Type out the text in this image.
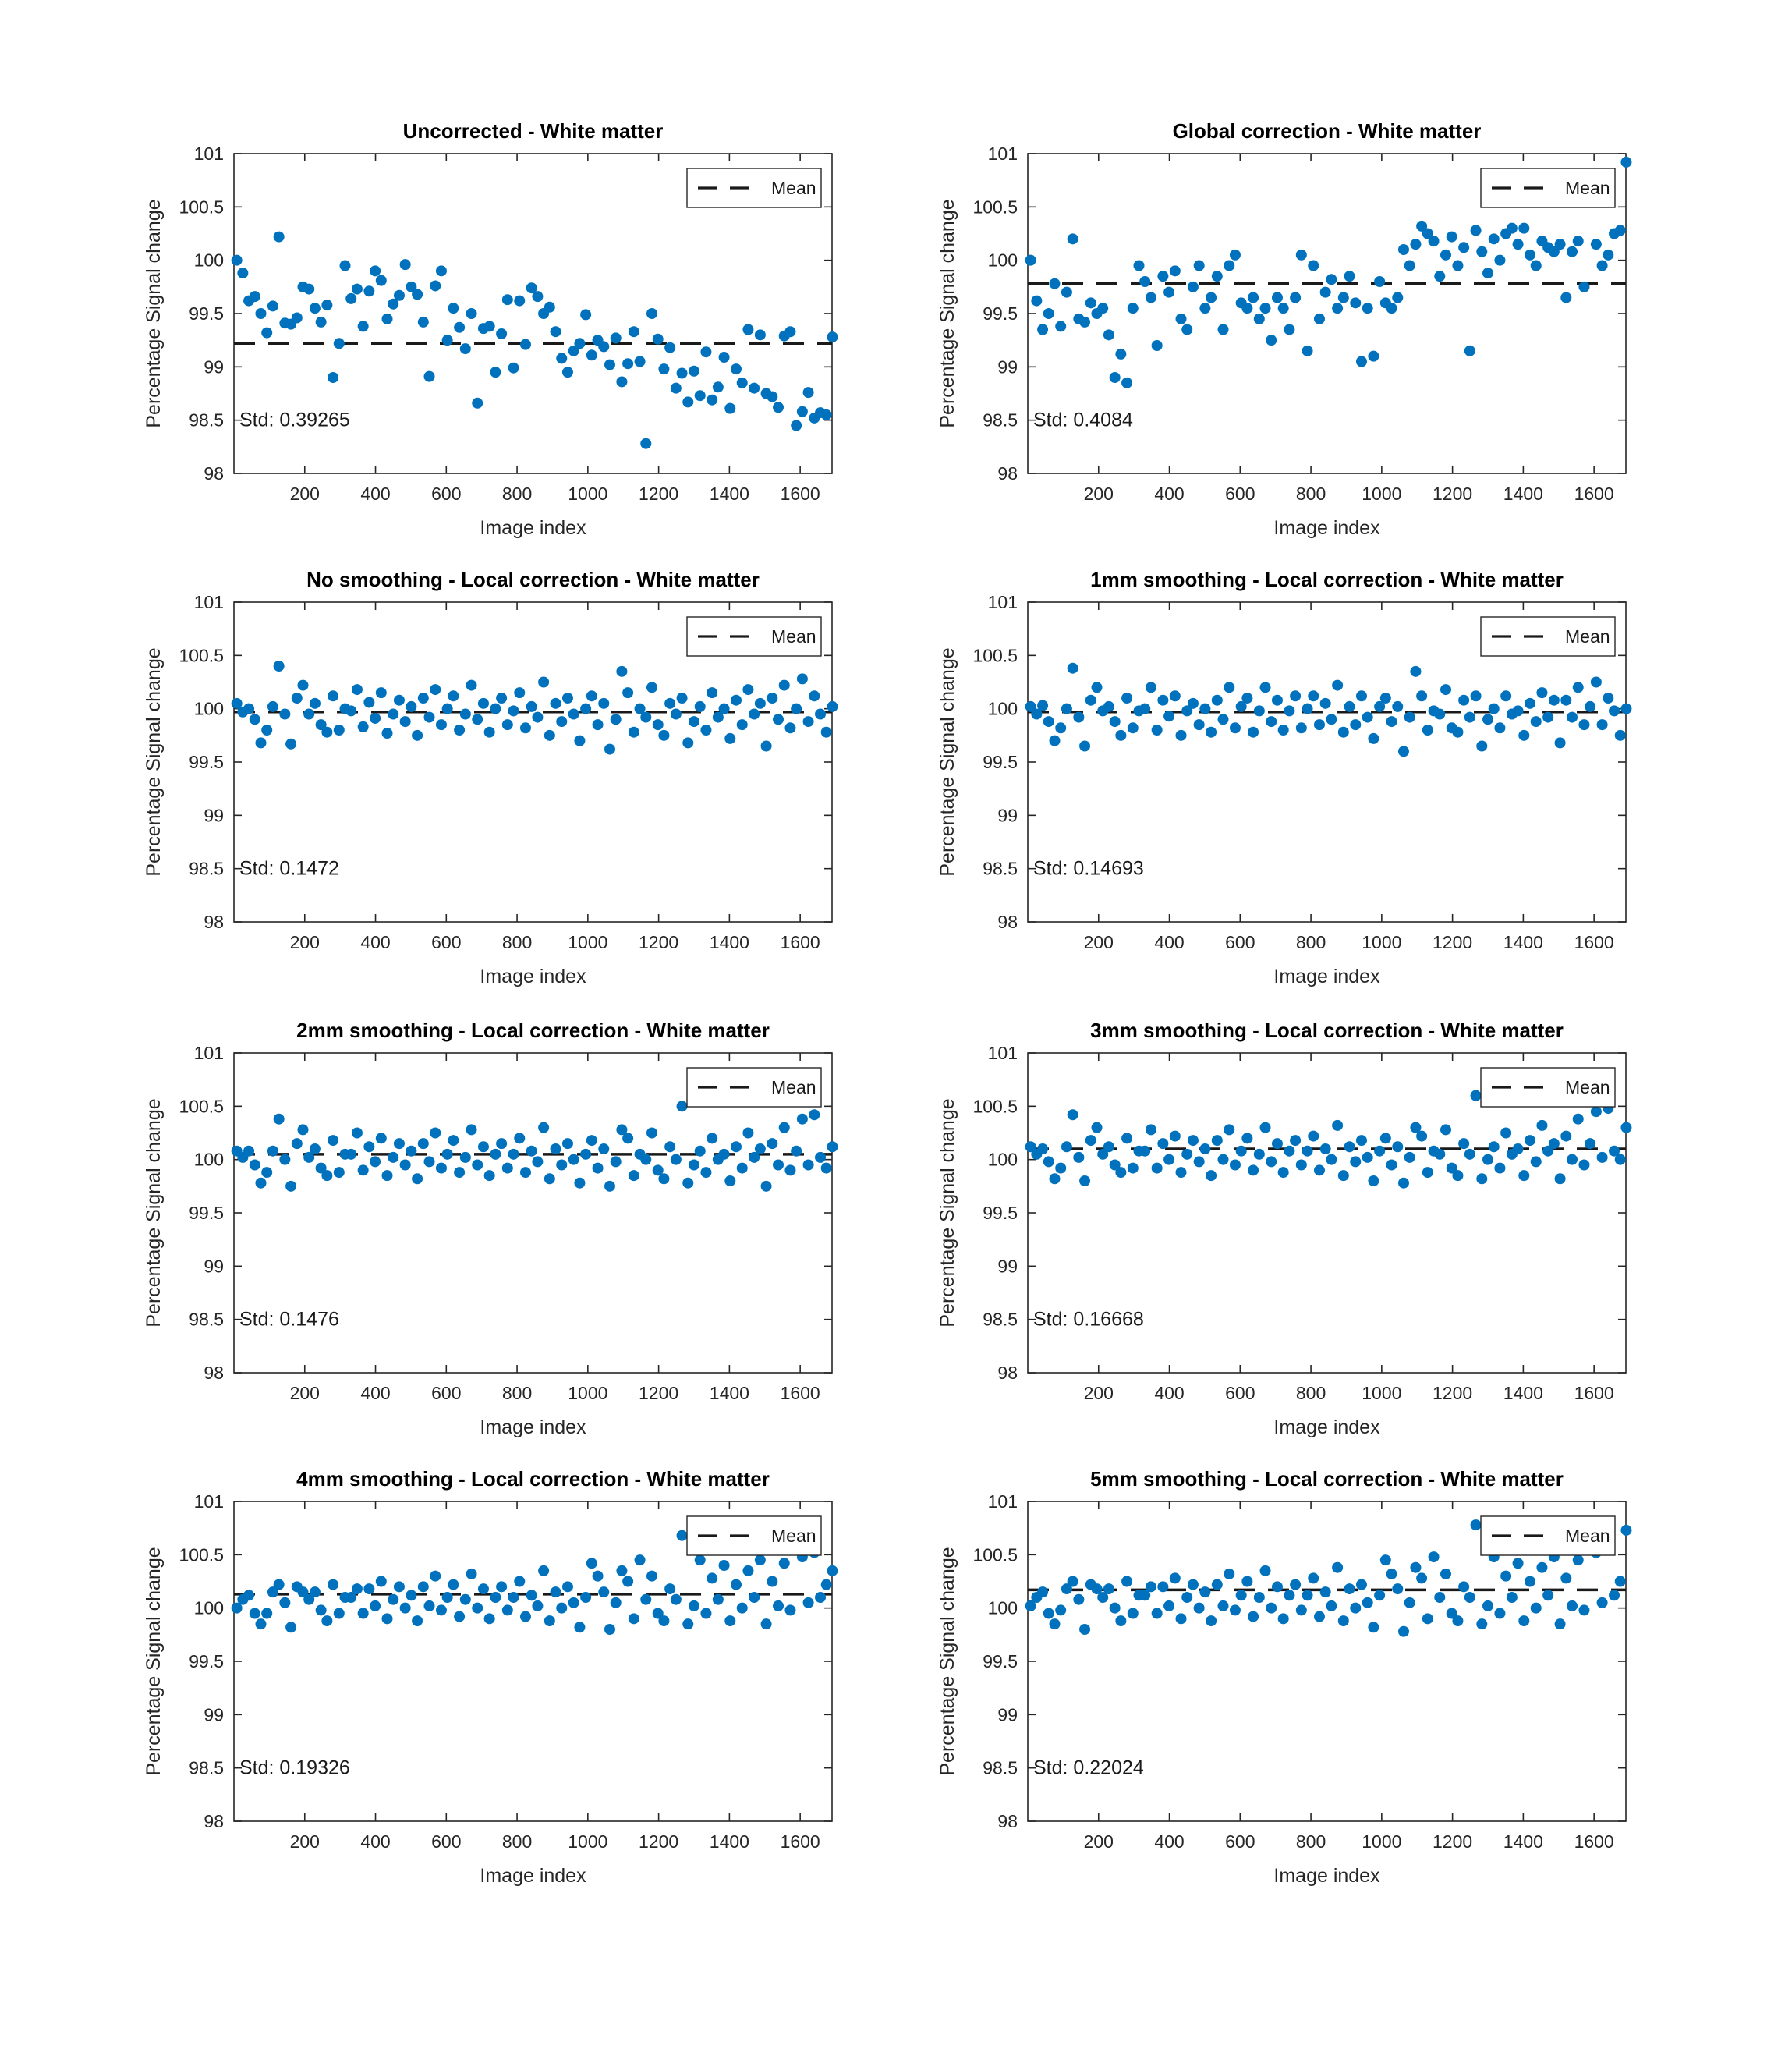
200 400 600 800 1000 1200 1400 1600
98
98.5
99
99.5
100
100.5
101
Uncorrected - White matter
Image index
Percentage Signal change	Std: 0.39265
Mean
200 400 600 800 1000 1200 1400 1600
98
98.5
99
99.5
100
100.5
101
Global correction - White matter
Image index
Percentage Signal change	Std: 0.4084
Mean
200 400 600 800 1000 1200 1400 1600
98
98.5
99
99.5
100
100.5
101
No smoothing - Local correction - White matter
Image index
Percentage Signal change	Std: 0.1472
Mean
200 400 600 800 1000 1200 1400 1600
98
98.5
99
99.5
100
100.5
101
1mm smoothing - Local correction - White matter
Image index
Percentage Signal change	Std: 0.14693
Mean
200 400 600 800 1000 1200 1400 1600
98
98.5
99
99.5
100
100.5
101
2mm smoothing - Local correction - White matter
Image index
Percentage Signal change	Std: 0.1476
Mean
200 400 600 800 1000 1200 1400 1600
98
98.5
99
99.5
100
100.5
101
3mm smoothing - Local correction - White matter
Image index
Percentage Signal change	Std: 0.16668
Mean
200 400 600 800 1000 1200 1400 1600
98
98.5
99
99.5
100
100.5
101
4mm smoothing - Local correction - White matter
Image index
Percentage Signal change	Std: 0.19326
Mean
200 400 600 800 1000 1200 1400 1600
98
98.5
99
99.5
100
100.5
101
5mm smoothing - Local correction - White matter
Image index
Percentage Signal change	Std: 0.22024
Mean
